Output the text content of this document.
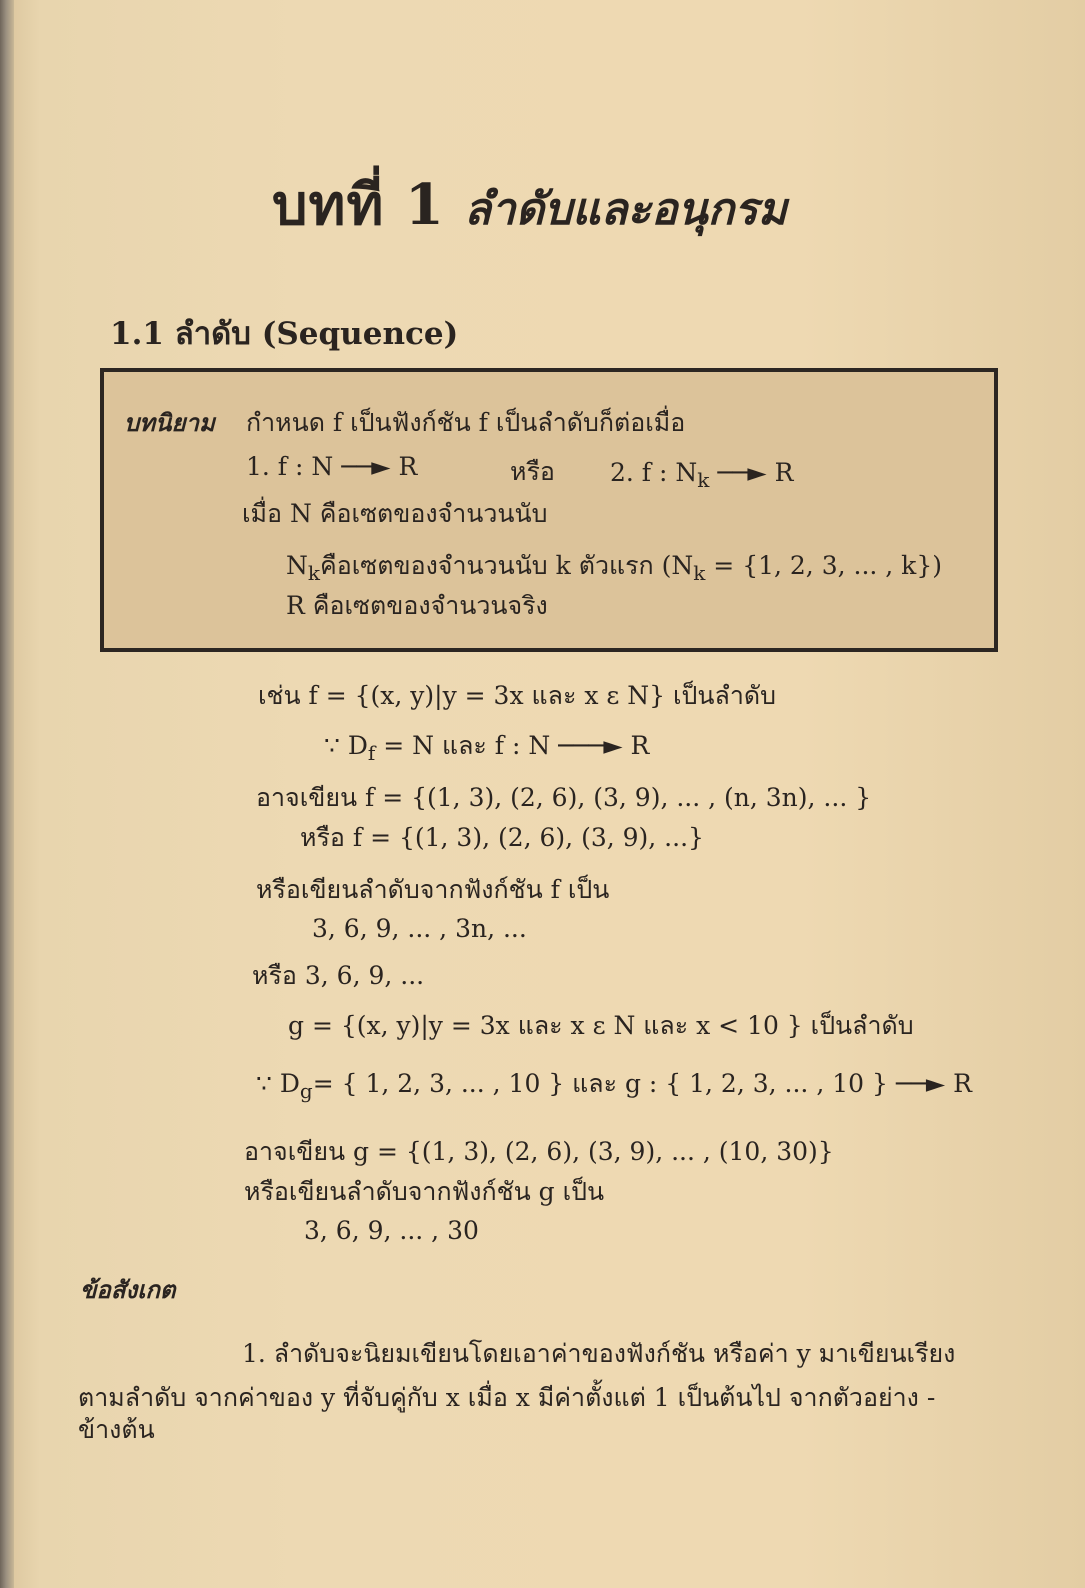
บทที่ 1 ลำดับและอนุกรม
1.1 ลำดับ (Sequence)
บทนิยาม กำหนด f เป็นฟังก์ชัน f เป็นลำดับก็ต่อเมื่อ
1. f : N ──► R	หรือ 2. f : $N_k$ ──► R
เมื่อ N คือเซตของจำนวนนับ
$N_k$คือเซตของจำนวนนับ k ตัวแรก ($N_k = \{1$, 2, 3, ... , k})
R คือเซตของจำนวนจริง
เช่น f = {(x, y)|y = 3x และ x ε N} เป็นลำดับ
∵ $D_f = N$ และ f : N ───► R
อาจเขียน f = {(1, 3), (2, 6), (3, 9), ... , (n, 3n), ... }
หรือ f = {(1, 3), (2, 6), (3, 9), ...}
หรือเขียนลำดับจากฟังก์ชัน f เป็น
3, 6, 9, ... , 3n, ...
หรือ 3, 6, 9, ...
g = {(x, y)|y = 3x และ x ε N และ x < 10 } เป็นลำดับ
∵ $D_g=$ { 1, 2, 3, ... , 10 } และ g : { 1, 2, 3, ... , 10 } ──► R
อาจเขียน g = {(1, 3), (2, 6), (3, 9), ... , (10, 30)}
หรือเขียนลำดับจากฟังก์ชัน g เป็น
3, 6, 9, ... , 30
ข้อสังเกต
1. ลำดับจะนิยมเขียนโดยเอาค่าของฟังก์ชัน หรือค่า y มาเขียนเรียง
ตามลำดับ จากค่าของ y ที่จับคู่กับ x เมื่อ x มีค่าตั้งแต่ 1 เป็นต้นไป จากตัวอย่าง -
ข้างต้น
